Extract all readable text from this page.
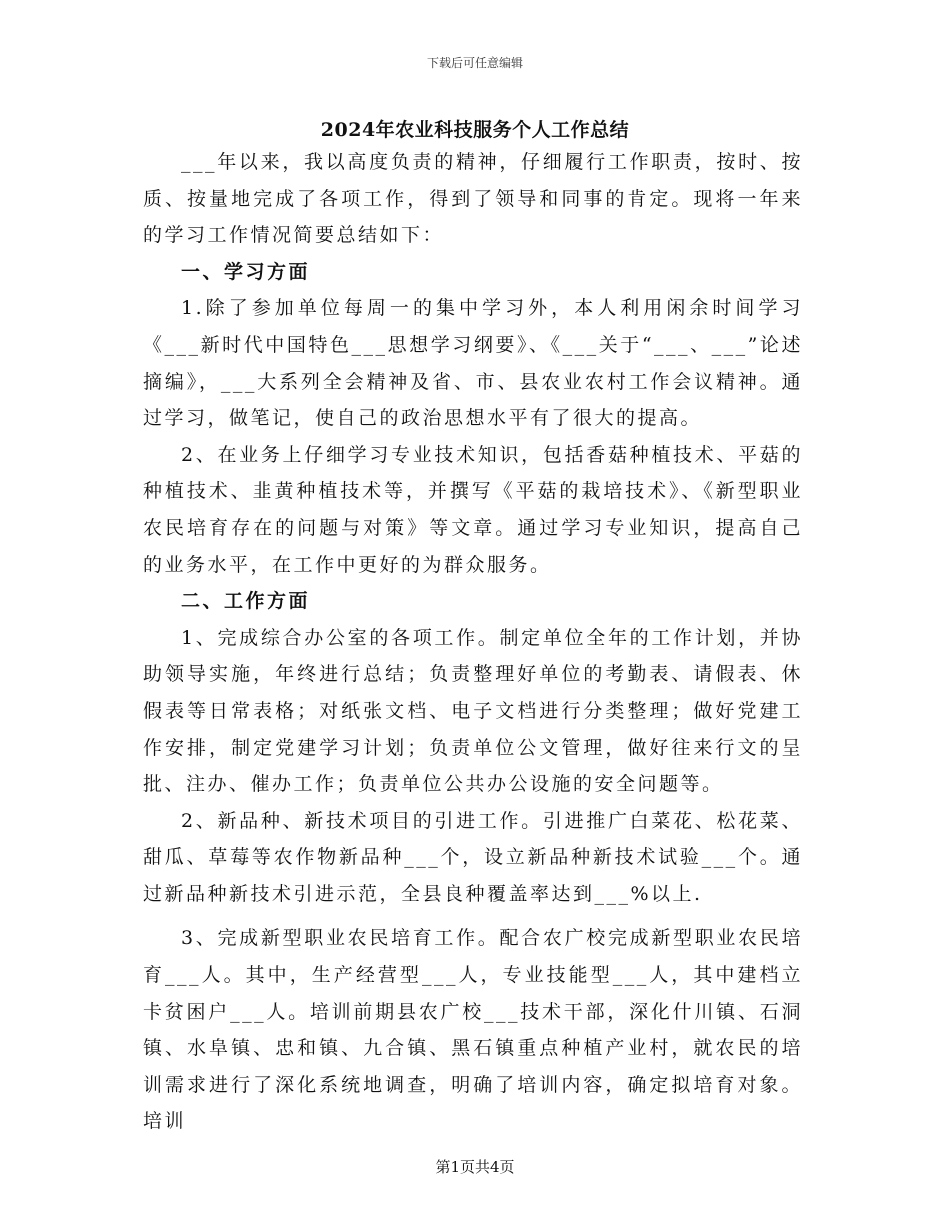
下载后可任意编辑
2024年农业科技服务个人工作总结

___年以来，我以高度负责的精神，仔细履行工作职责，按时、按质、按量地完成了各项工作，得到了领导和同事的肯定。现将一年来的学习工作情况简要总结如下：

一、学习方面

1.除了参加单位每周一的集中学习外，本人利用闲余时间学习《___新时代中国特色___思想学习纲要》、《___关于“___、___”论述摘编》，___大系列全会精神及省、市、县农业农村工作会议精神。通过学习，做笔记，使自己的政治思想水平有了很大的提高。

2、在业务上仔细学习专业技术知识，包括香菇种植技术、平菇的种植技术、韭黄种植技术等，并撰写《平菇的栽培技术》、《新型职业农民培育存在的问题与对策》等文章。通过学习专业知识，提高自己的业务水平，在工作中更好的为群众服务。

二、工作方面

1、完成综合办公室的各项工作。制定单位全年的工作计划，并协助领导实施，年终进行总结；负责整理好单位的考勤表、请假表、休假表等日常表格；对纸张文档、电子文档进行分类整理；做好党建工作安排，制定党建学习计划；负责单位公文管理，做好往来行文的呈批、注办、催办工作；负责单位公共办公设施的安全问题等。

2、新品种、新技术项目的引进工作。引进推广白菜花、松花菜、甜瓜、草莓等农作物新品种___个，设立新品种新技术试验___个。通过新品种新技术引进示范，全县良种覆盖率达到___%以上.

3、完成新型职业农民培育工作。配合农广校完成新型职业农民培育___人。其中，生产经营型___人，专业技能型___人，其中建档立卡贫困户___人。培训前期县农广校___技术干部，深化什川镇、石洞镇、水阜镇、忠和镇、九合镇、黑石镇重点种植产业村，就农民的培训需求进行了深化系统地调查，明确了培训内容，确定拟培育对象。培训

第1页共4页
